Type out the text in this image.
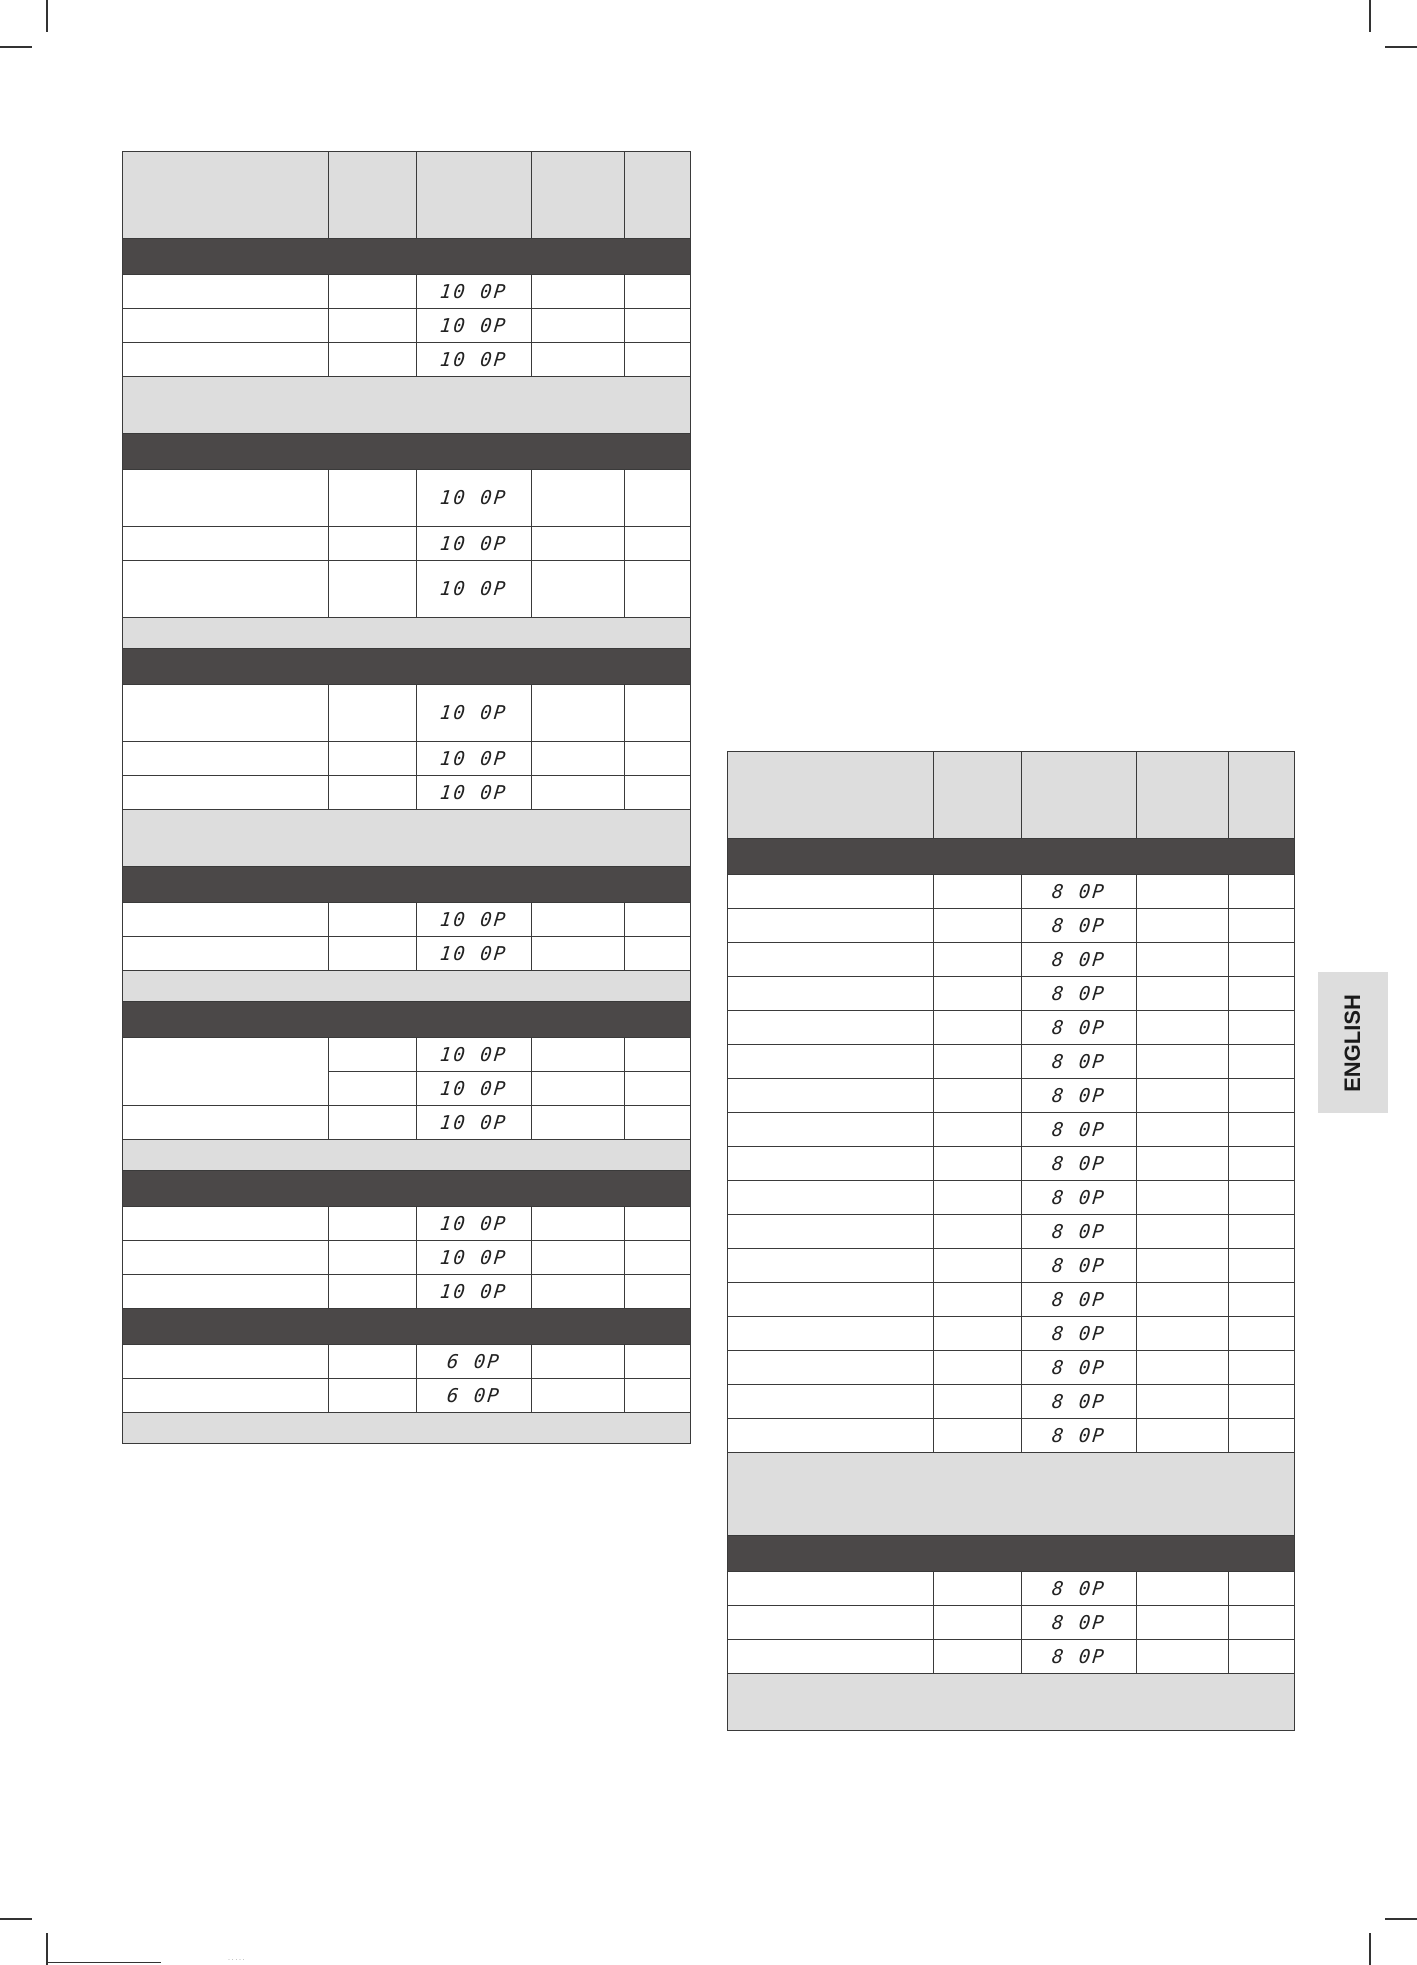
		10 0P		
		10 0P		
		10 0P		

		10 0P		
		10 0P		
		10 0P		

		10 0P		
		10 0P		
		10 0P		

		10 0P		
		10 0P		

		10 0P		
		10 0P		
		10 0P		

		10 0P		
		10 0P		
		10 0P		

		6 0P		
		6 0P		

		8 0P		
		8 0P		
		8 0P		
		8 0P		
		8 0P		
		8 0P		
		8 0P		
		8 0P		
		8 0P		
		8 0P		
		8 0P		
		8 0P		
		8 0P		
		8 0P		
		8 0P		
		8 0P		
		8 0P		

		8 0P		
		8 0P		
		8 0P		

ENGLISH
· · · · ·
